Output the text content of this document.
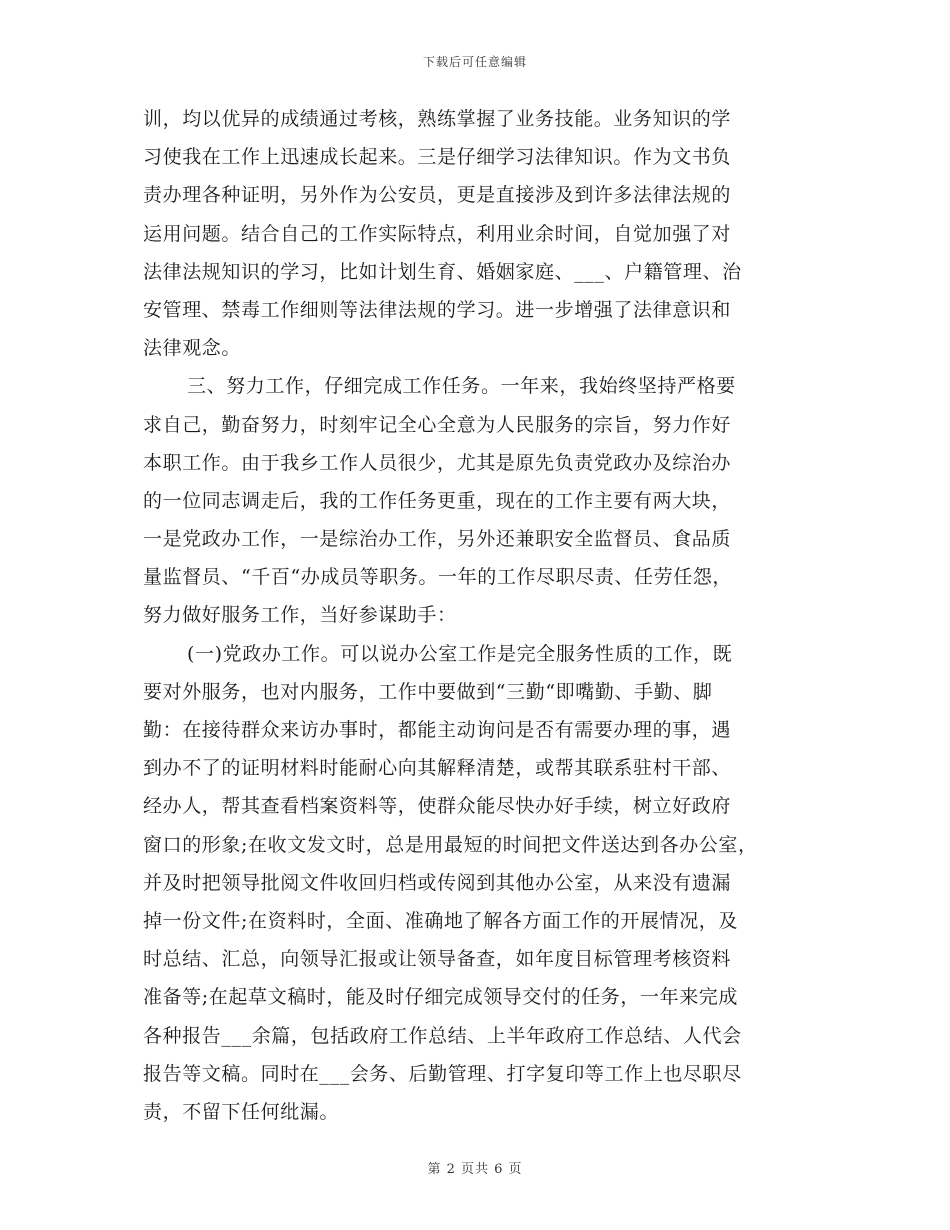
下载后可任意编辑
训，均以优异的成绩通过考核，熟练掌握了业务技能。业务知识的学
习使我在工作上迅速成长起来。三是仔细学习法律知识。作为文书负
责办理各种证明，另外作为公安员，更是直接涉及到许多法律法规的
运用问题。结合自己的工作实际特点，利用业余时间，自觉加强了对
法律法规知识的学习，比如计划生育、婚姻家庭、___、户籍管理、治
安管理、禁毒工作细则等法律法规的学习。进一步增强了法律意识和
法律观念。
三、努力工作，仔细完成工作任务。一年来，我始终坚持严格要
求自己，勤奋努力，时刻牢记全心全意为人民服务的宗旨，努力作好
本职工作。由于我乡工作人员很少，尤其是原先负责党政办及综治办
的一位同志调走后，我的工作任务更重，现在的工作主要有两大块，
一是党政办工作，一是综治办工作，另外还兼职安全监督员、食品质
量监督员、“千百“办成员等职务。一年的工作尽职尽责、任劳任怨，
努力做好服务工作，当好参谋助手：
(一)党政办工作。可以说办公室工作是完全服务性质的工作，既
要对外服务，也对内服务，工作中要做到“三勤“即嘴勤、手勤、脚
勤：在接待群众来访办事时，都能主动询问是否有需要办理的事，遇
到办不了的证明材料时能耐心向其解释清楚，或帮其联系驻村干部、
经办人，帮其查看档案资料等，使群众能尽快办好手续，树立好政府
窗口的形象;在收文发文时，总是用最短的时间把文件送达到各办公室，
并及时把领导批阅文件收回归档或传阅到其他办公室，从来没有遗漏
掉一份文件;在资料时，全面、准确地了解各方面工作的开展情况，及
时总结、汇总，向领导汇报或让领导备查，如年度目标管理考核资料
准备等;在起草文稿时，能及时仔细完成领导交付的任务，一年来完成
各种报告___余篇，包括政府工作总结、上半年政府工作总结、人代会
报告等文稿。同时在___会务、后勤管理、打字复印等工作上也尽职尽
责，不留下任何纰漏。
第 2 页共 6 页
